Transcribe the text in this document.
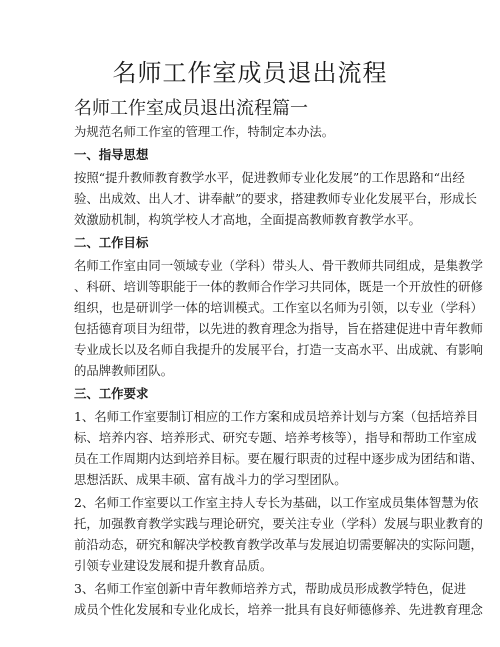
名师工作室成员退出流程
名师工作室成员退出流程篇一
为规范名师工作室的管理工作，特制定本办法。
一、指导思想
按照“提升教师教育教学水平，促进教师专业化发展”的工作思路和“出经
验、出成效、出人才、讲奉献”的要求，搭建教师专业化发展平台，形成长
效激励机制，构筑学校人才高地，全面提高教师教育教学水平。
二、工作目标
名师工作室由同一领域专业（学科）带头人、骨干教师共同组成，是集教学
、科研、培训等职能于一体的教师合作学习共同体，既是一个开放性的研修
组织，也是研训学一体的培训模式。工作室以名师为引领，以专业（学科）
包括德育项目为纽带，以先进的教育理念为指导，旨在搭建促进中青年教师
专业成长以及名师自我提升的发展平台，打造一支高水平、出成就、有影响
的品牌教师团队。
三、工作要求
1、名师工作室要制订相应的工作方案和成员培养计划与方案（包括培养目
标、培养内容、培养形式、研究专题、培养考核等），指导和帮助工作室成
员在工作周期内达到培养目标。要在履行职责的过程中逐步成为团结和谐、
思想活跃、成果丰硕、富有战斗力的学习型团队。
2、名师工作室要以工作室主持人专长为基础，以工作室成员集体智慧为依
托，加强教育教学实践与理论研究，要关注专业（学科）发展与职业教育的
前沿动态，研究和解决学校教育教学改革与发展迫切需要解决的实际问题，
引领专业建设发展和提升教育品质。
3、名师工作室创新中青年教师培养方式，帮助成员形成教学特色，促进
成员个性化发展和专业化成长，培养一批具有良好师德修养、先进教育理念
